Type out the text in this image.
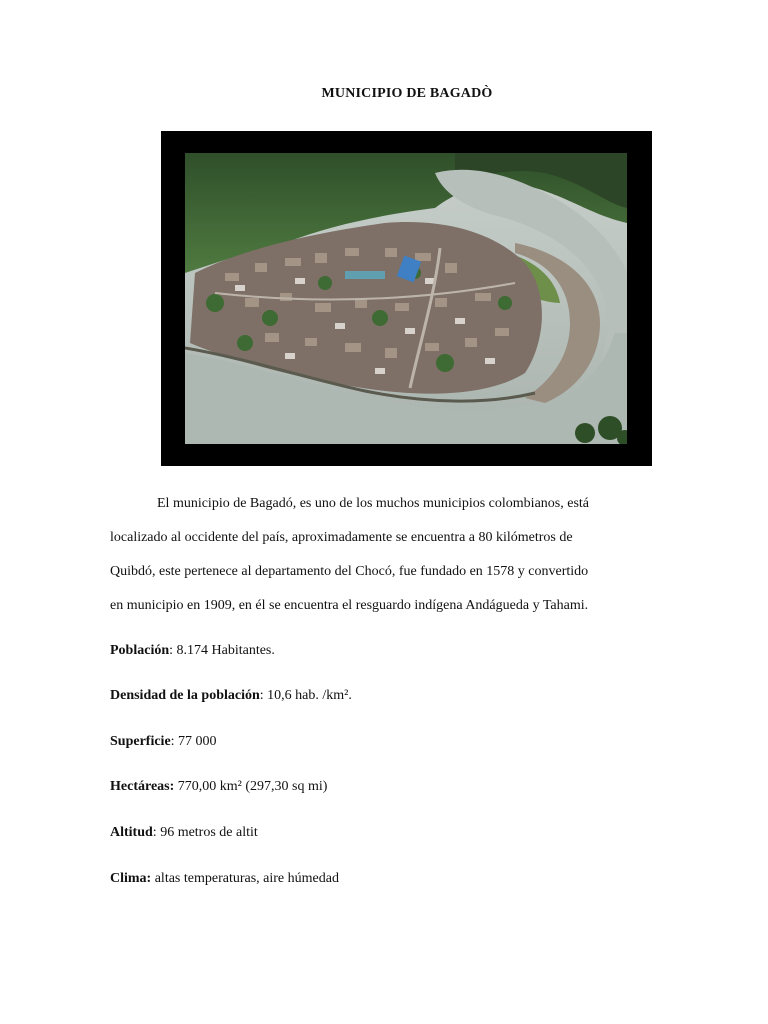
MUNICIPIO DE BAGADÒ
El municipio de Bagadó, es uno de los muchos municipios colombianos, está
localizado al occidente del país, aproximadamente se encuentra a 80 kilómetros de
Quibdó, este pertenece al departamento del Chocó, fue fundado en 1578 y convertido
en municipio en 1909, en él se encuentra el resguardo indígena Andágueda y Tahami.

Población: 8.174 Habitantes.

Densidad de la población: 10,6 hab. /km².

Superficie: 77 000

Hectáreas: 770,00 km² (297,30 sq mi)

Altitud: 96 metros de altit

Clima: altas temperaturas, aire húmedad
